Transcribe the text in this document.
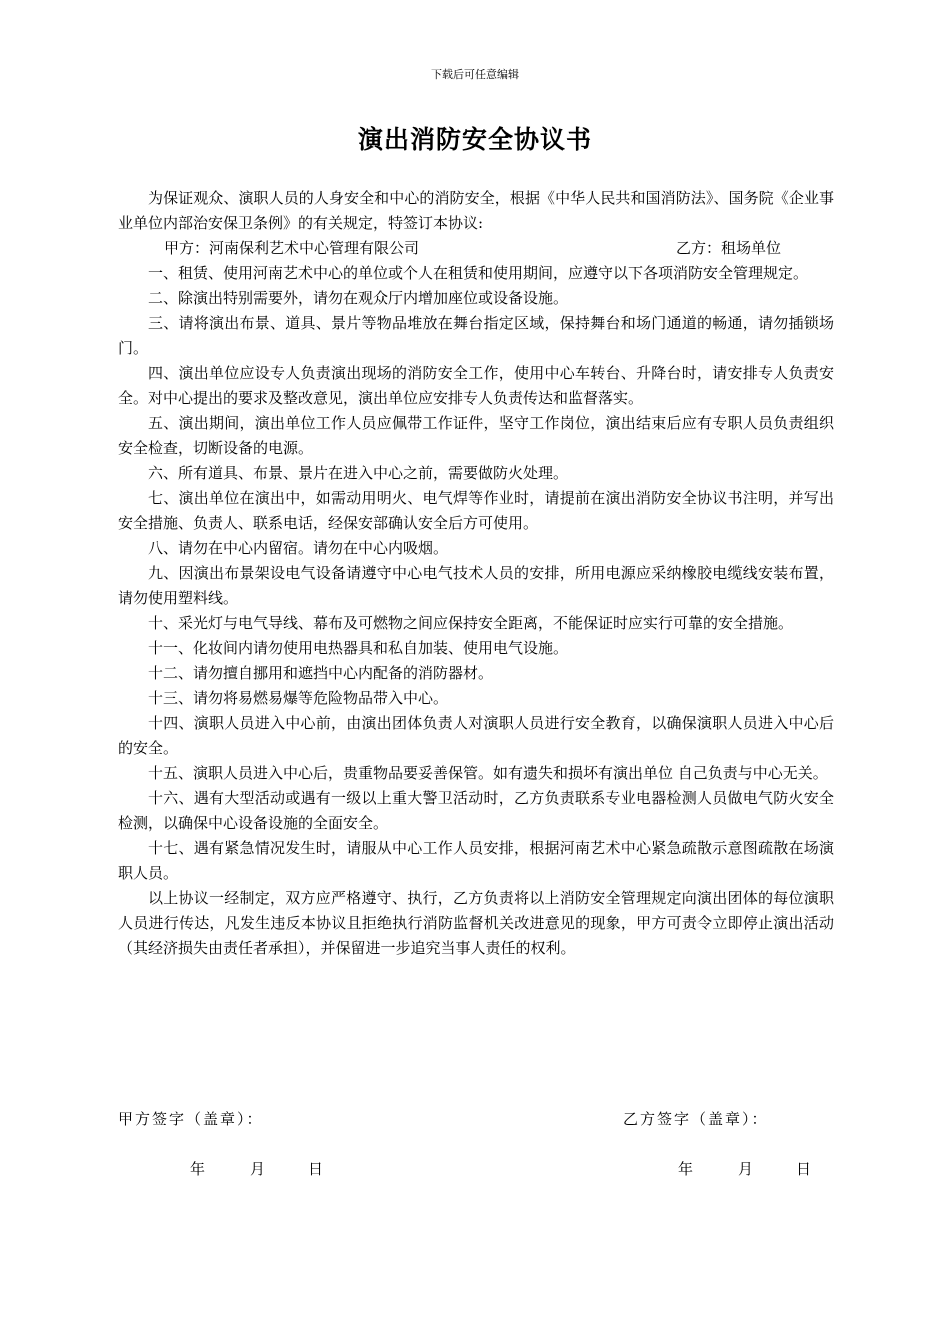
下载后可任意编辑
演出消防安全协议书

为保证观众、演职人员的人身安全和中心的消防安全，根据《中华人民共和国消防法》、国务院《企业事业单位内部治安保卫条例》的有关规定，特签订本协议:

甲方：河南保利艺术中心管理有限公司	乙方：租场单位

一、租赁、使用河南艺术中心的单位或个人在租赁和使用期间，应遵守以下各项消防安全管理规定。

二、除演出特别需要外，请勿在观众厅内增加座位或设备设施。

三、请将演出布景、道具、景片等物品堆放在舞台指定区域，保持舞台和场门通道的畅通，请勿插锁场门。

四、演出单位应设专人负责演出现场的消防安全工作，使用中心车转台、升降台时，请安排专人负责安全。对中心提出的要求及整改意见，演出单位应安排专人负责传达和监督落实。

五、演出期间，演出单位工作人员应佩带工作证件，坚守工作岗位，演出结束后应有专职人员负责组织安全检查，切断设备的电源。

六、所有道具、布景、景片在进入中心之前，需要做防火处理。

七、演出单位在演出中，如需动用明火、电气焊等作业时，请提前在演出消防安全协议书注明，并写出安全措施、负责人、联系电话，经保安部确认安全后方可使用。

八、请勿在中心内留宿。请勿在中心内吸烟。

九、因演出布景架设电气设备请遵守中心电气技术人员的安排，所用电源应采纳橡胶电缆线安装布置，请勿使用塑料线。

十、采光灯与电气导线、幕布及可燃物之间应保持安全距离，不能保证时应实行可靠的安全措施。

十一、化妆间内请勿使用电热器具和私自加装、使用电气设施。

十二、请勿擅自挪用和遮挡中心内配备的消防器材。

十三、请勿将易燃易爆等危险物品带入中心。

十四、演职人员进入中心前，由演出团体负责人对演职人员进行安全教育，以确保演职人员进入中心后的安全。

十五、演职人员进入中心后，贵重物品要妥善保管。如有遗失和损坏有演出单位 自己负责与中心无关。

十六、遇有大型活动或遇有一级以上重大警卫活动时，乙方负责联系专业电器检测人员做电气防火安全检测，以确保中心设备设施的全面安全。

十七、遇有紧急情况发生时，请服从中心工作人员安排，根据河南艺术中心紧急疏散示意图疏散在场演职人员。

以上协议一经制定，双方应严格遵守、执行，乙方负责将以上消防安全管理规定向演出团体的每位演职人员进行传达，凡发生违反本协议且拒绝执行消防监督机关改进意见的现象，甲方可责令立即停止演出活动（其经济损失由责任者承担），并保留进一步追究当事人责任的权利。

甲方签字（盖章）：	乙方签字（盖章）：
年	月	日	年	月	日
